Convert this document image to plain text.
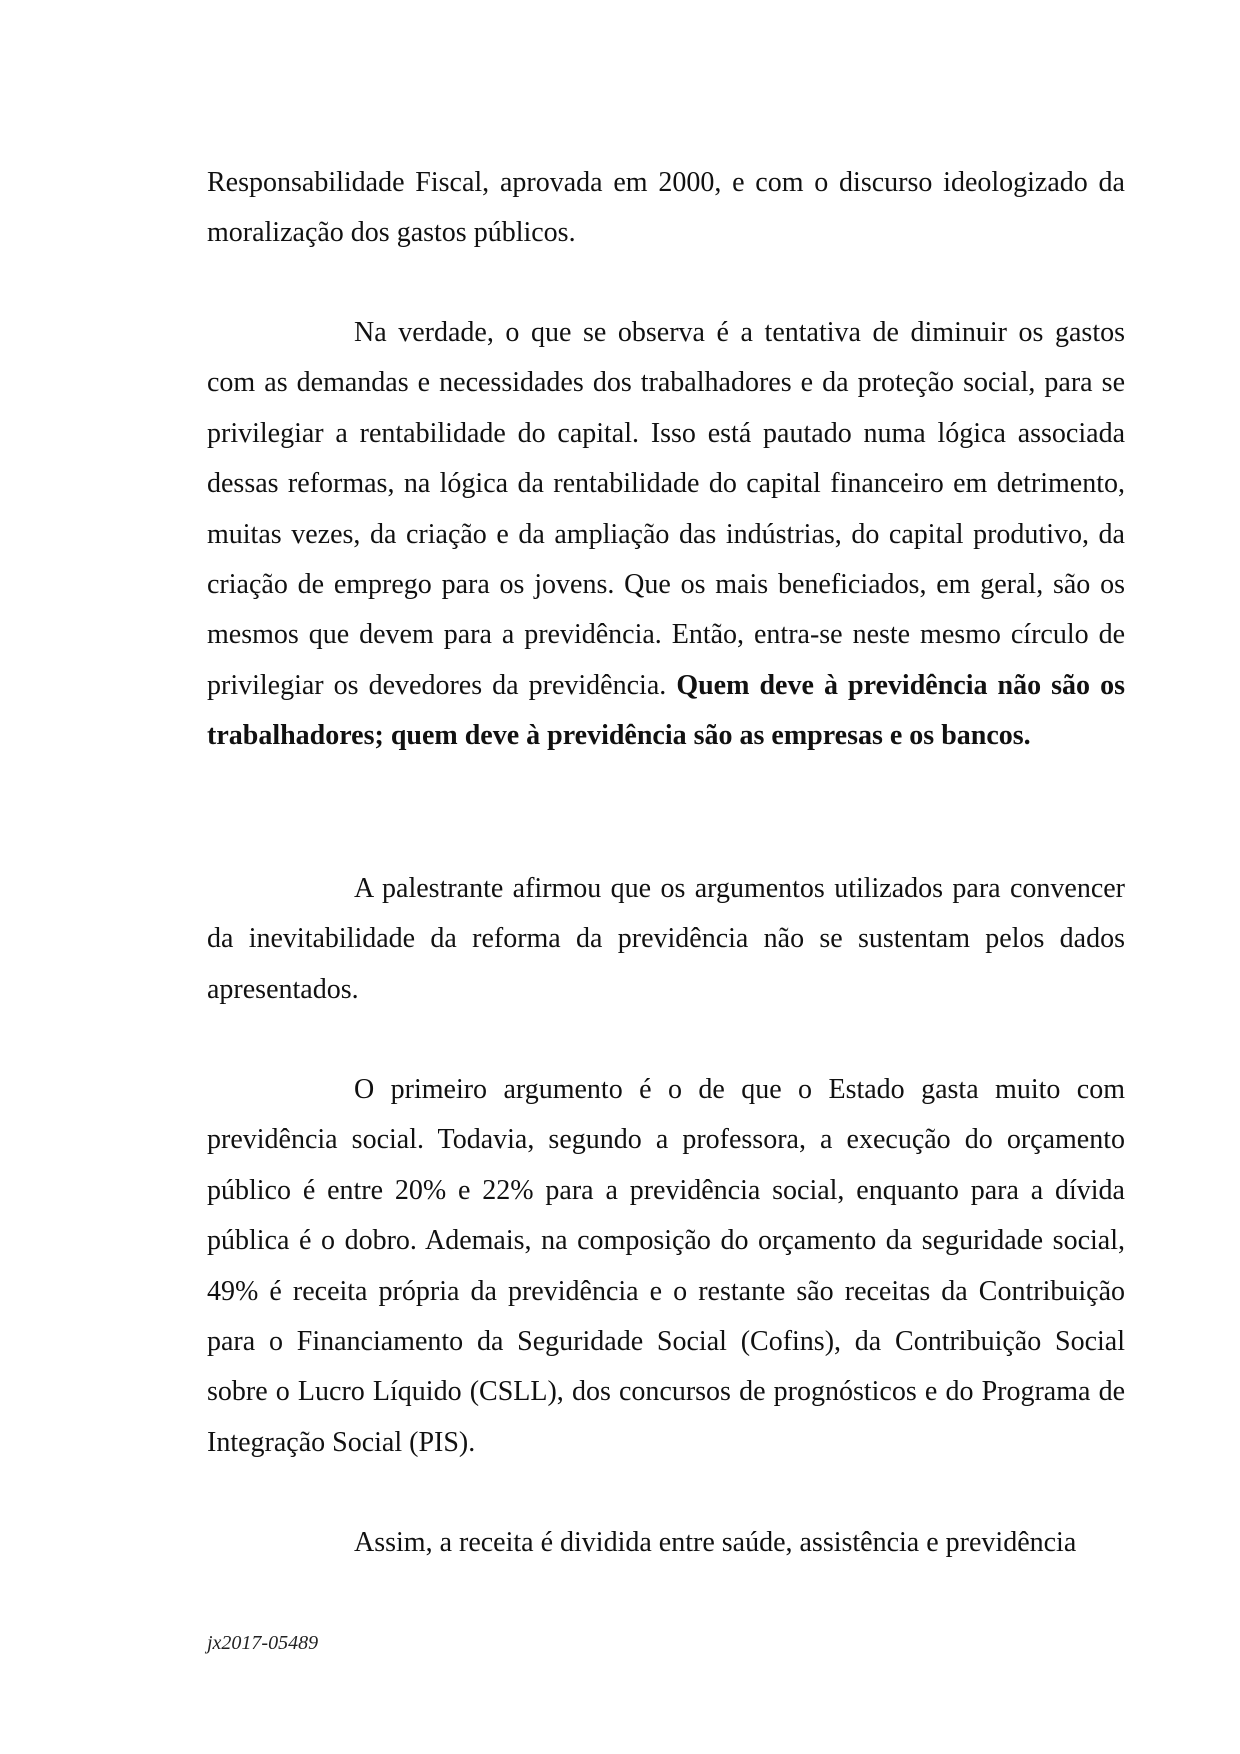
Responsabilidade Fiscal, aprovada em 2000, e com o discurso ideologizado da moralização dos gastos públicos.

Na verdade, o que se observa é a tentativa de diminuir os gastos com as demandas e necessidades dos trabalhadores e da proteção social, para se privilegiar a rentabilidade do capital. Isso está pautado numa lógica associada dessas reformas, na lógica da rentabilidade do capital financeiro em detrimento, muitas vezes, da criação e da ampliação das indústrias, do capital produtivo, da criação de emprego para os jovens. Que os mais beneficiados, em geral, são os mesmos que devem para a previdência. Então, entra-se neste mesmo círculo de privilegiar os devedores da previdência. Quem deve à previdência não são os trabalhadores; quem deve à previdência são as empresas e os bancos.

A palestrante afirmou que os argumentos utilizados para convencer da inevitabilidade da reforma da previdência não se sustentam pelos dados apresentados.

O primeiro argumento é o de que o Estado gasta muito com previdência social. Todavia, segundo a professora, a execução do orçamento público é entre 20% e 22% para a previdência social, enquanto para a dívida pública é o dobro. Ademais, na composição do orçamento da seguridade social, 49% é receita própria da previdência e o restante são receitas da Contribuição para o Financiamento da Seguridade Social (Cofins), da Contribuição Social sobre o Lucro Líquido (CSLL), dos concursos de prognósticos e do Programa de Integração Social (PIS).

Assim, a receita é dividida entre saúde, assistência e previdência

jx2017-05489
